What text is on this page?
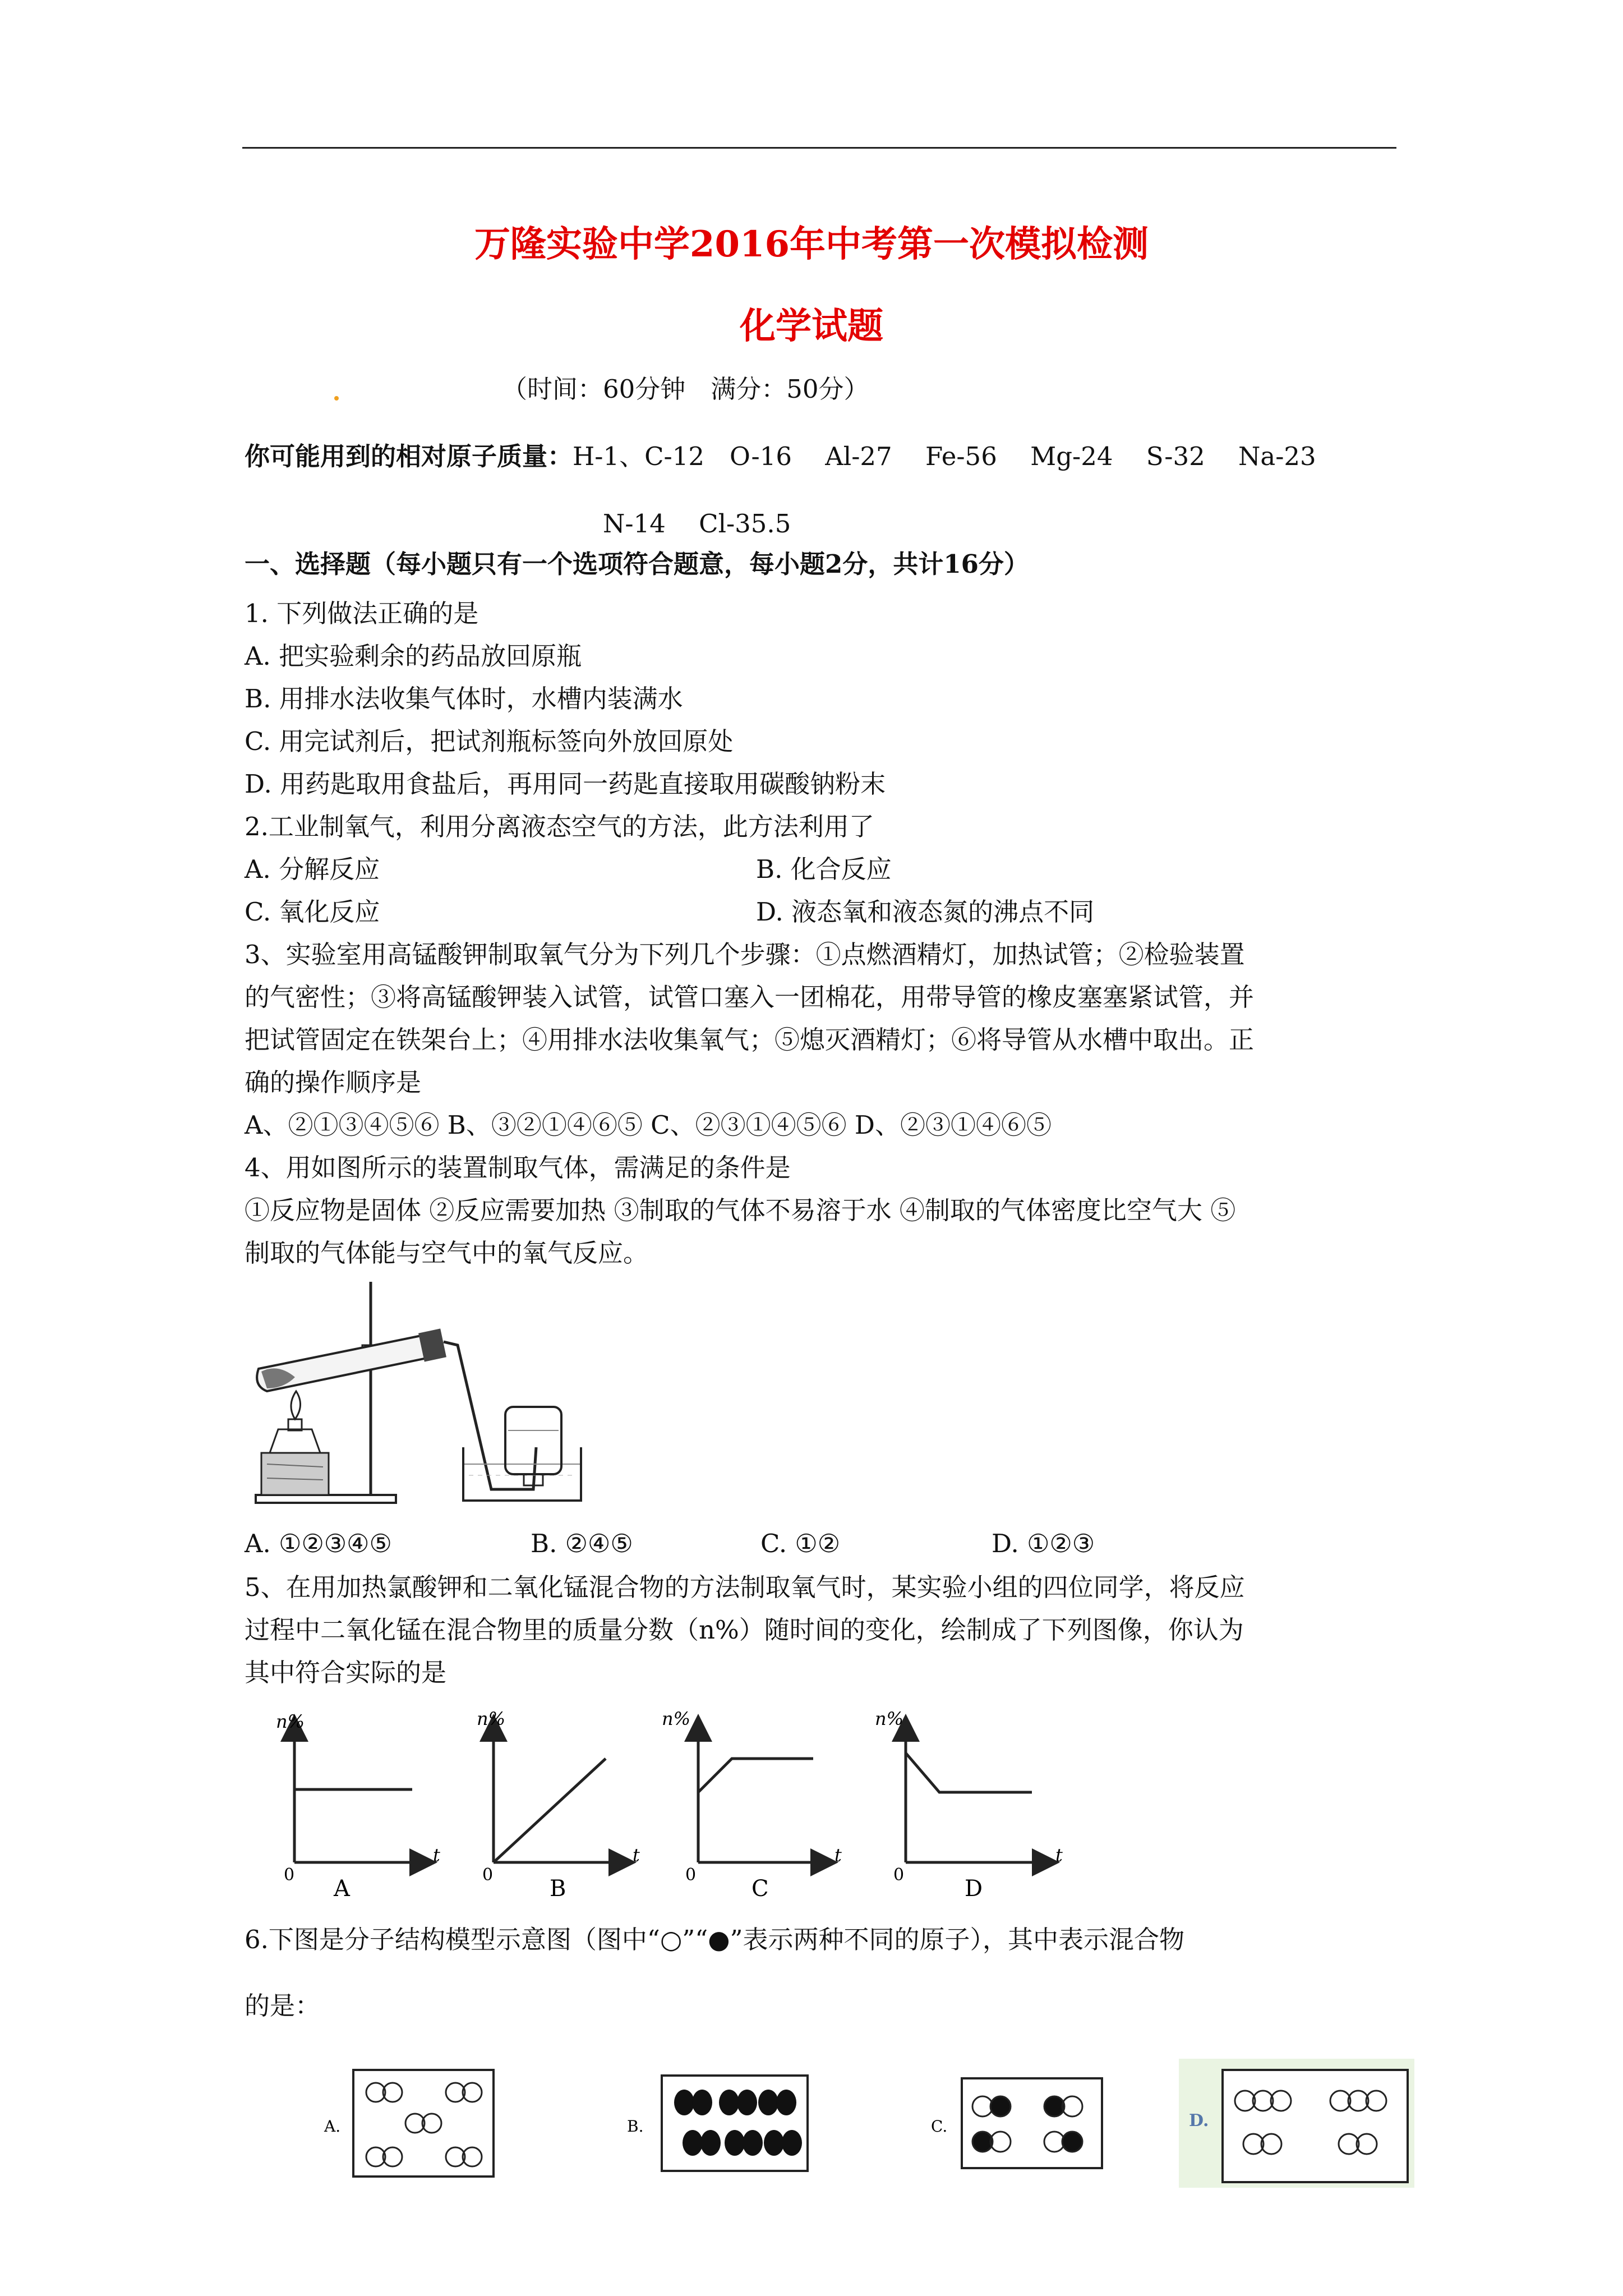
万隆实验中学2016年中考第一次模拟检测
化学试题
（时间：60分钟　满分：50分）
你可能用到的相对原子质量：H-1、C-12　O-16　 Al-27　 Fe-56　 Mg-24　 S-32　 Na-23
N-14　 Cl-35.5
一、选择题（每小题只有一个选项符合题意，每小题2分，共计16分）
1. 下列做法正确的是
A. 把实验剩余的药品放回原瓶
B. 用排水法收集气体时，水槽内装满水
C. 用完试剂后，把试剂瓶标签向外放回原处
D. 用药匙取用食盐后，再用同一药匙直接取用碳酸钠粉末
2.工业制氧气，利用分离液态空气的方法，此方法利用了
A. 分解反应	B. 化合反应
C. 氧化反应	D. 液态氧和液态氮的沸点不同
3、实验室用高锰酸钾制取氧气分为下列几个步骤：①点燃酒精灯，加热试管；②检验装置
的气密性；③将高锰酸钾装入试管，试管口塞入一团棉花，用带导管的橡皮塞塞紧试管，并
把试管固定在铁架台上；④用排水法收集氧气；⑤熄灭酒精灯；⑥将导管从水槽中取出。正
确的操作顺序是
A、②①③④⑤⑥ B、③②①④⑥⑤ C、②③①④⑤⑥ D、②③①④⑥⑤
4、用如图所示的装置制取气体，需满足的条件是
①反应物是固体 ②反应需要加热 ③制取的气体不易溶于水 ④制取的气体密度比空气大 ⑤
制取的气体能与空气中的氧气反应。
A. ①②③④⑤	B. ②④⑤	C. ①②	D. ①②③
5、在用加热氯酸钾和二氧化锰混合物的方法制取氧气时，某实验小组的四位同学，将反应
过程中二氧化锰在混合物里的质量分数（n%）随时间的变化，绘制成了下列图像，你认为
其中符合实际的是
n%
t
0
A
n%
t
0
B
n%
t
0
C
n%
t
0
D
6.下图是分子结构模型示意图（图中“○”“●”表示两种不同的原子），其中表示混合物
的是：
A.	B.	C.	D.
